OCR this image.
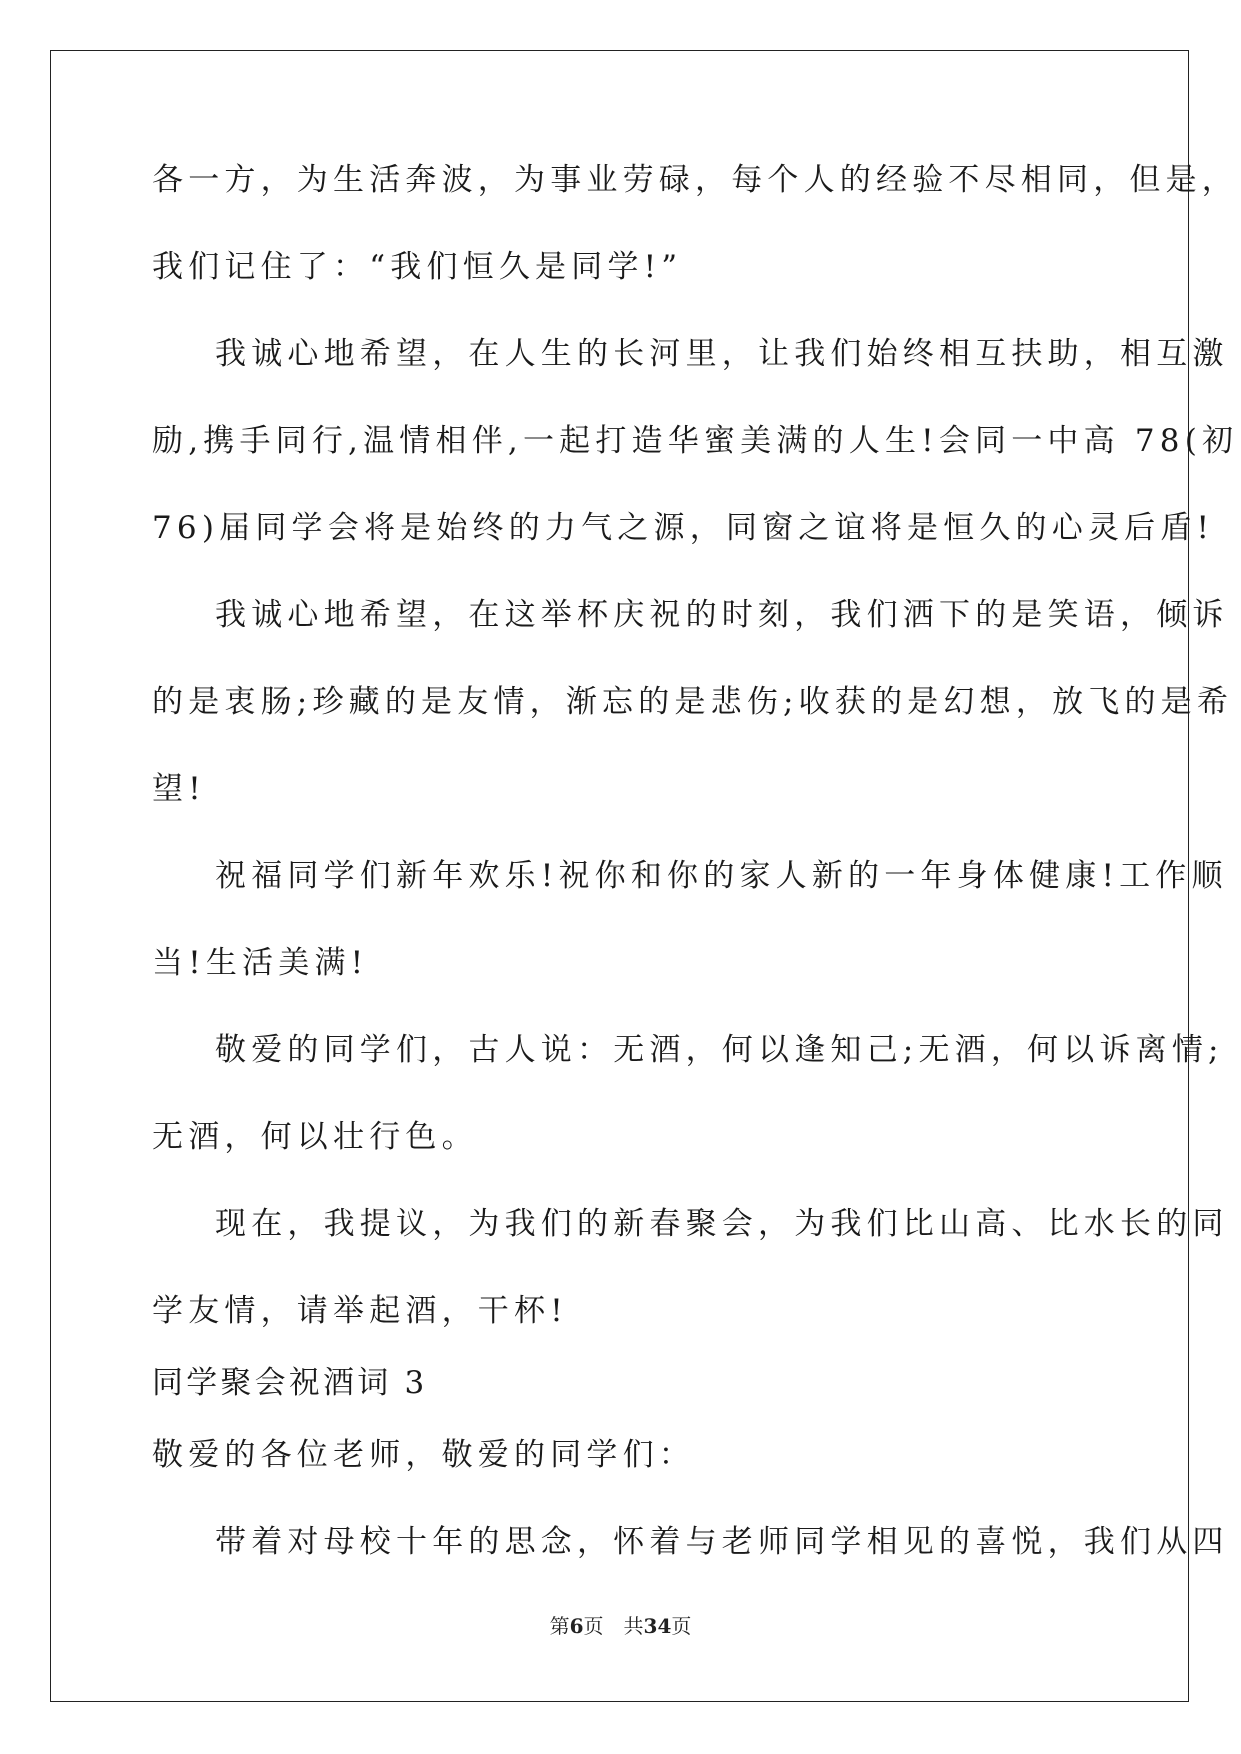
各一方，为生活奔波，为事业劳碌，每个人的经验不尽相同，但是，
我们记住了：“我们恒久是同学!”
我诚心地希望，在人生的长河里，让我们始终相互扶助，相互激
励,携手同行,温情相伴,一起打造华蜜美满的人生!会同一中高 78(初
76)届同学会将是始终的力气之源，同窗之谊将是恒久的心灵后盾!
我诚心地希望，在这举杯庆祝的时刻，我们洒下的是笑语，倾诉
的是衷肠;珍藏的是友情，渐忘的是悲伤;收获的是幻想，放飞的是希
望!
祝福同学们新年欢乐!祝你和你的家人新的一年身体健康!工作顺
当!生活美满!
敬爱的同学们，古人说：无酒，何以逢知己;无酒，何以诉离情;
无酒，何以壮行色。
现在，我提议，为我们的新春聚会，为我们比山高、比水长的同
学友情，请举起酒，干杯!
同学聚会祝酒词 3
敬爱的各位老师，敬爱的同学们：
带着对母校十年的思念，怀着与老师同学相见的喜悦，我们从四
第6页 共34页
